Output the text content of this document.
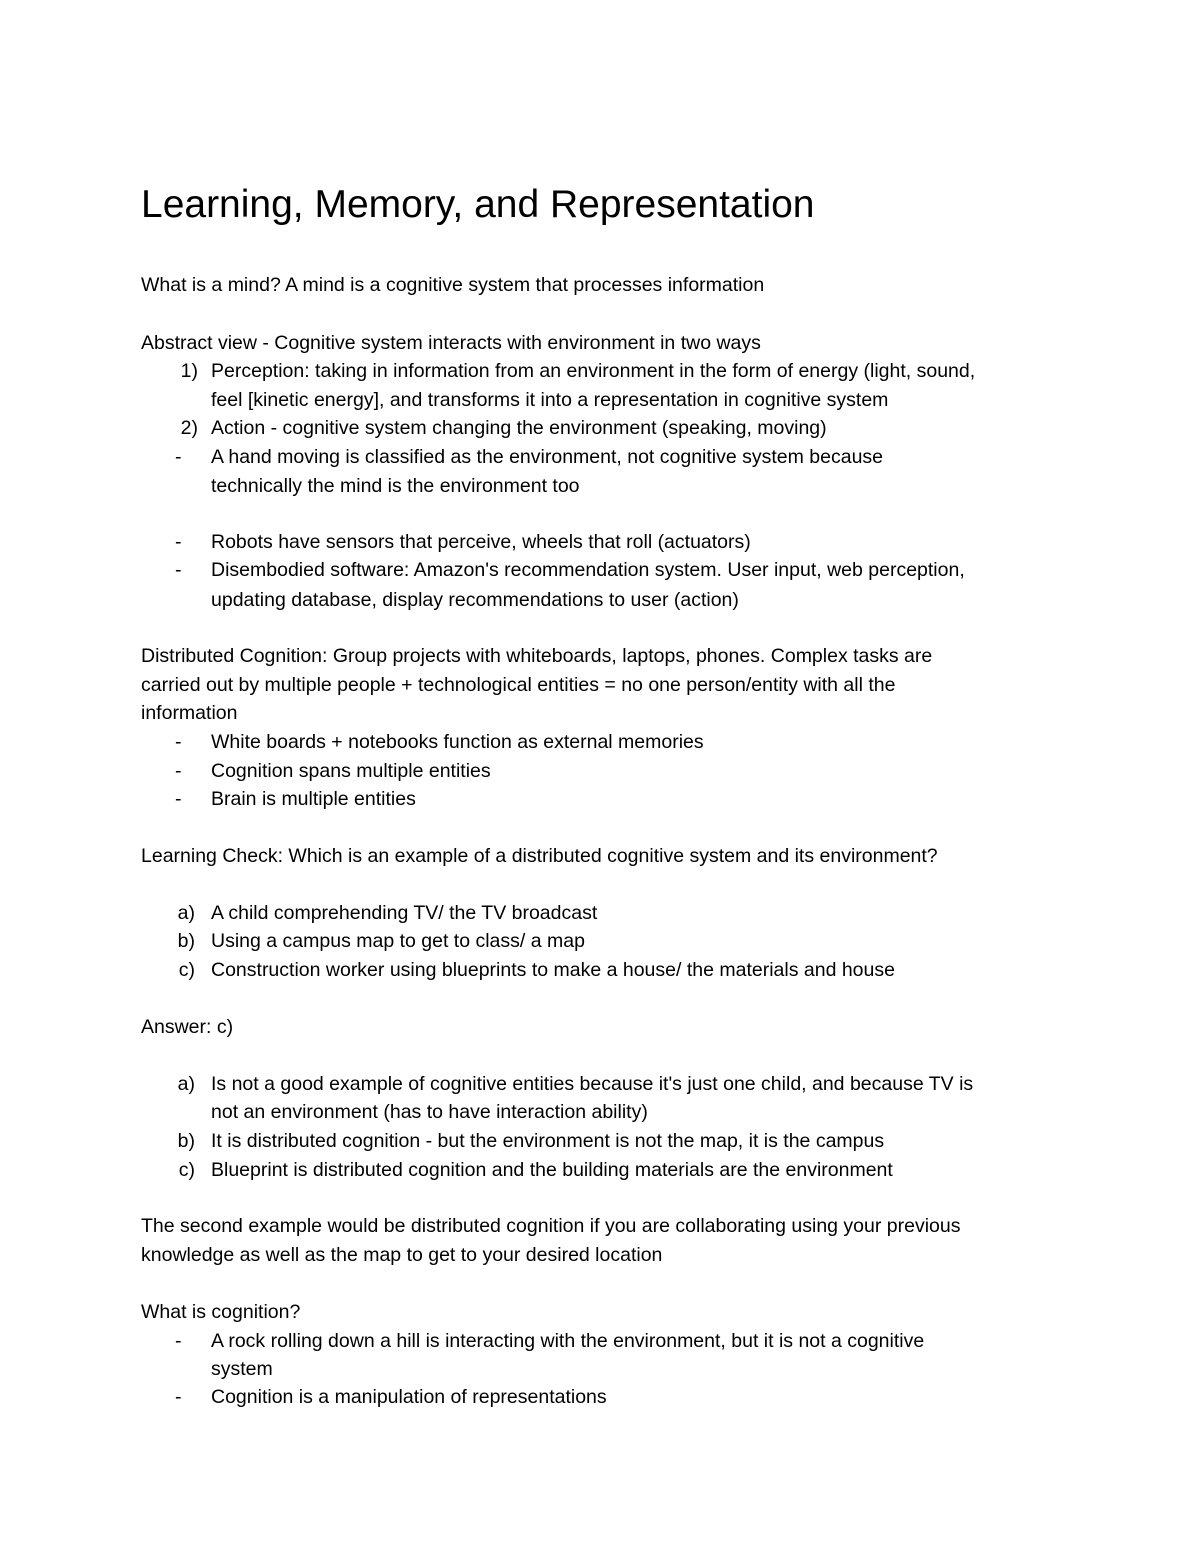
Learning, Memory, and Representation
What is a mind? A mind is a cognitive system that processes information
Abstract view - Cognitive system interacts with environment in two ways
1) Perception: taking in information from an environment in the form of energy (light, sound,
feel [kinetic energy], and transforms it into a representation in cognitive system
2) Action - cognitive system changing the environment (speaking, moving)
- A hand moving is classified as the environment, not cognitive system because
technically the mind is the environment too
- Robots have sensors that perceive, wheels that roll (actuators)
- Disembodied software: Amazon's recommendation system. User input, web perception,
updating database, display recommendations to user (action)
Distributed Cognition: Group projects with whiteboards, laptops, phones. Complex tasks are
carried out by multiple people + technological entities = no one person/entity with all the
information
- White boards + notebooks function as external memories
- Cognition spans multiple entities
- Brain is multiple entities
Learning Check: Which is an example of a distributed cognitive system and its environment?
a) A child comprehending TV/ the TV broadcast
b) Using a campus map to get to class/ a map
c) Construction worker using blueprints to make a house/ the materials and house
Answer: c)
a) Is not a good example of cognitive entities because it's just one child, and because TV is
not an environment (has to have interaction ability)
b) It is distributed cognition - but the environment is not the map, it is the campus
c) Blueprint is distributed cognition and the building materials are the environment
The second example would be distributed cognition if you are collaborating using your previous
knowledge as well as the map to get to your desired location
What is cognition?
- A rock rolling down a hill is interacting with the environment, but it is not a cognitive
system
- Cognition is a manipulation of representations
